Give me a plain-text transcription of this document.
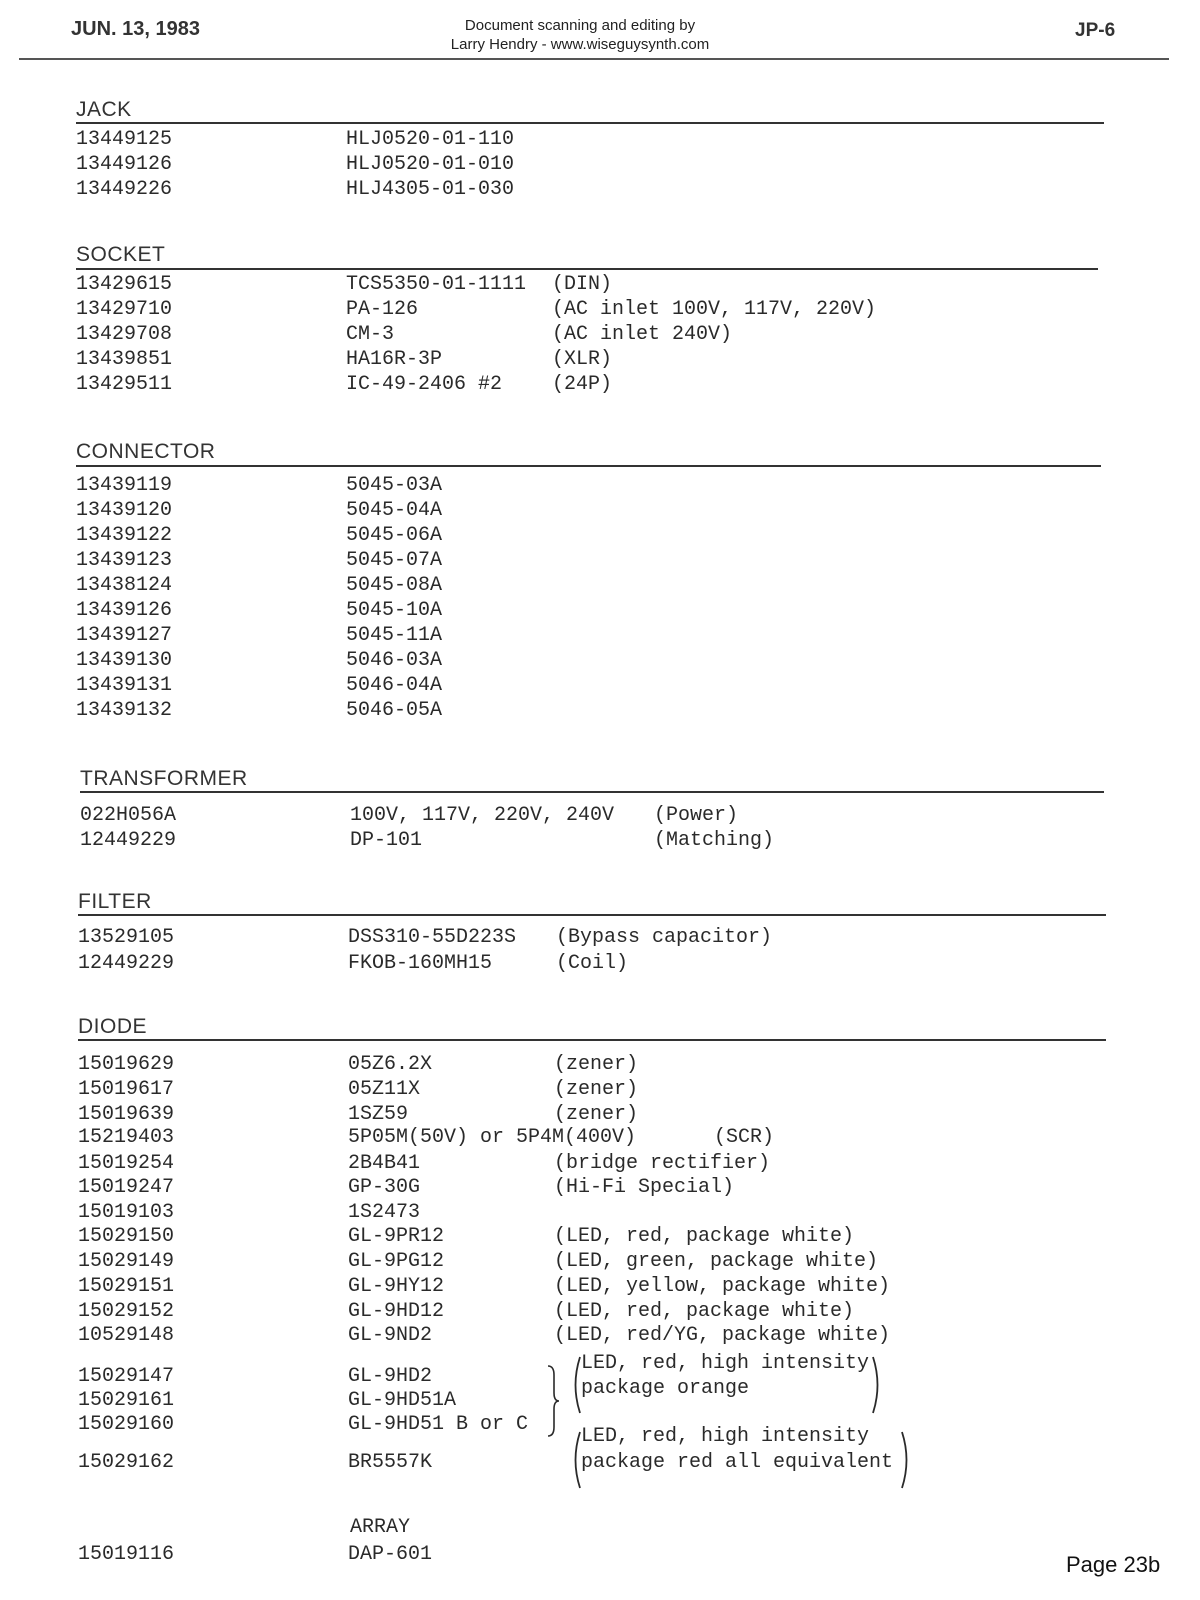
JUN. 13, 1983	Document scanning and editing by
Larry Hendry - www.wiseguysynth.com
JP-6
JACK
13449125	HLJ0520-01-110
13449126	HLJ0520-01-010
13449226	HLJ4305-01-030
SOCKET
13429615	TCS5350-01-1111 (DIN)
13429710	PA-126	(AC inlet 100V, 117V, 220V)
13429708	CM-3	(AC inlet 240V)
13439851	HA16R-3P	(XLR)
13429511	IC-49-2406 #2 (24P)
CONNECTOR
13439119	5045-03A
13439120	5045-04A
13439122	5045-06A
13439123	5045-07A
13438124	5045-08A
13439126	5045-10A
13439127	5045-11A
13439130	5046-03A
13439131	5046-04A
13439132	5046-05A
TRANSFORMER
022H056A	100V, 117V, 220V, 240V (Power)
12449229	DP-101	(Matching)
FILTER
13529105	DSS310-55D223S (Bypass capacitor)
12449229	FKOB-160MH15	(Coil)
DIODE
15019629	05Z6.2X	(zener)
15019617	05Z11X	(zener)
15019639	1SZ59	(zener)
15219403	5P05M(50V) or 5P4M(400V)	(SCR)
15019254	2B4B41	(bridge rectifier)
15019247	GP-30G	(Hi-Fi Special)
15019103	1S2473
15029150	GL-9PR12	(LED, red, package white)
15029149	GL-9PG12	(LED, green, package white)
15029151	GL-9HY12	(LED, yellow, package white)
15029152	GL-9HD12	(LED, red, package white)
10529148	GL-9ND2	(LED, red/YG, package white)
15029147	GL-9HD2
15029161	GL-9HD51A
15029160	GL-9HD51 B or C
LED, red, high intensity
package orange
15029162	BR5557K
LED, red, high intensity
package red all equivalent
ARRAY
15019116	DAP-601	Page 23b
